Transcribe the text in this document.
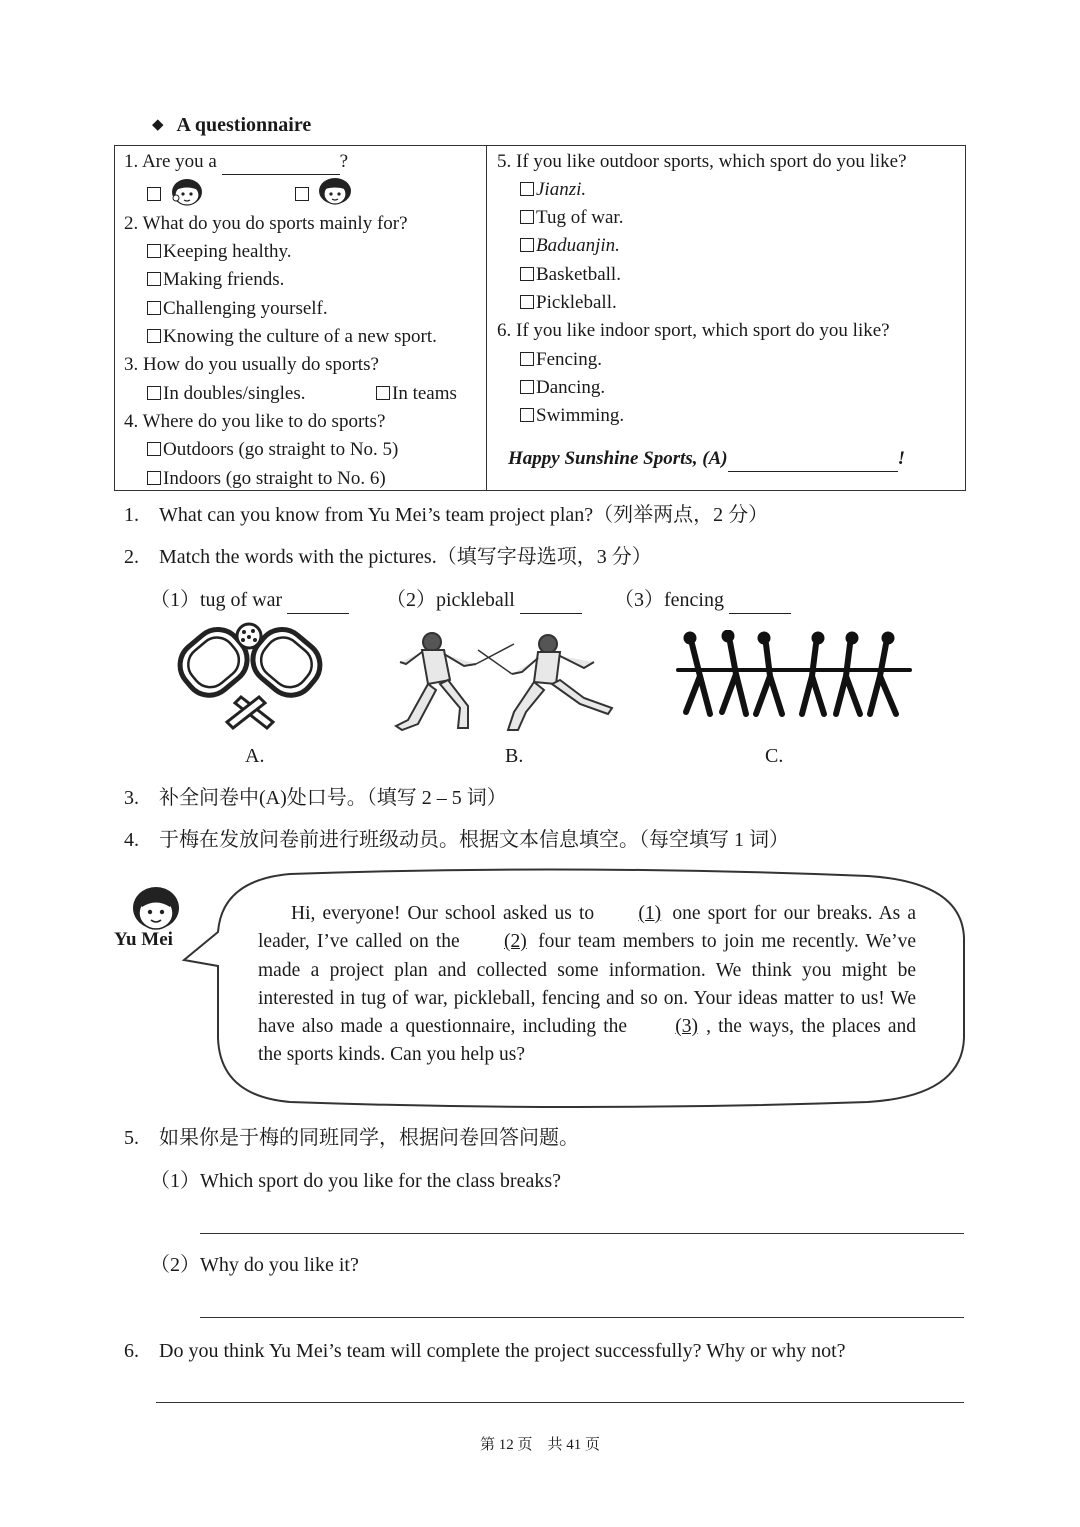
◆ A questionnaire
1. Are you a	?

2. What do you do sports mainly for?
Keeping healthy.
Making friends.
Challenging yourself.
Knowing the culture of a new sport.
3. How do you usually do sports?
In doubles/singles.	In teams
4. Where do you like to do sports?
Outdoors (go straight to No. 5)
Indoors (go straight to No. 6)
5. If you like outdoor sports, which sport do you like?
Jianzi.
Tug of war.
Baduanjin.
Basketball.
Pickleball.
6. If you like indoor sport, which sport do you like?
Fencing.
Dancing.
Swimming.
Happy Sunshine Sports, (A)	!
1. What can you know from Yu Mei’s team project plan?（列举两点，2 分）
2. Match the words with the pictures.（填写字母选项，3 分）
（1）tug of war	（2）pickleball	（3）fencing
A.	B.	C.
3. 补全问卷中(A)处口号。（填写 2 – 5 词）
4. 于梅在发放问卷前进行班级动员。根据文本信息填空。（每空填写 1 词）
Yu Mei

Hi, everyone! Our school asked us to (1) one sport for our breaks. As a leader, I’ve called on the (2) four team members to join me recently. We’ve made a project plan and collected some information. We think you might be interested in tug of war, pickleball, fencing and so on. Your ideas matter to us! We have also made a questionnaire, including the (3) , the ways, the places and the sports kinds. Can you help us?

5. 如果你是于梅的同班同学，根据问卷回答问题。
（1）Which sport do you like for the class breaks?
（2）Why do you like it?
6. Do you think Yu Mei’s team will complete the project successfully? Why or why not?
第 12 页 共 41 页
